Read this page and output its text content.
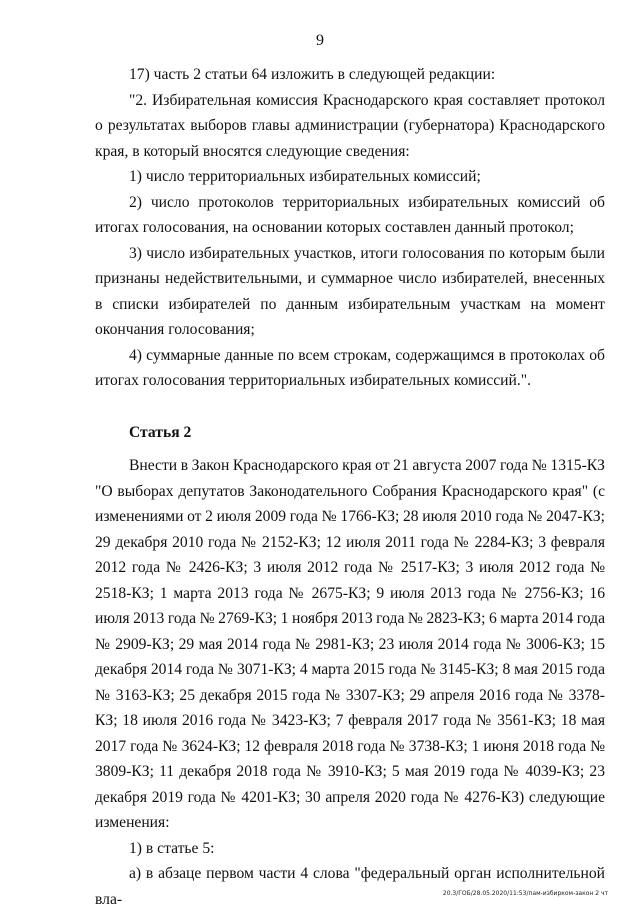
9

17) часть 2 статьи 64 изложить в следующей редакции:

"2. Избирательная комиссия Краснодарского края составляет протокол о результатах выборов главы администрации (губернатора) Краснодарского края, в который вносятся следующие сведения:

1) число территориальных избирательных комиссий;

2) число протоколов территориальных избирательных комиссий об итогах голосования, на основании которых составлен данный протокол;

3) число избирательных участков, итоги голосования по которым были признаны недействительными, и суммарное число избирателей, внесенных в списки избирателей по данным избирательным участкам на момент окончания голосования;

4) суммарные данные по всем строкам, содержащимся в протоколах об итогах голосования территориальных избирательных комиссий.".

Статья 2

Внести в Закон Краснодарского края от 21 августа 2007 года № 1315-КЗ "О выборах депутатов Законодательного Собрания Краснодарского края" (с изменениями от 2 июля 2009 года № 1766-КЗ; 28 июля 2010 года № 2047-КЗ; 29 декабря 2010 года № 2152-КЗ; 12 июля 2011 года № 2284-КЗ; 3 февраля 2012 года № 2426-КЗ; 3 июля 2012 года № 2517-КЗ; 3 июля 2012 года № 2518-КЗ; 1 марта 2013 года № 2675-КЗ; 9 июля 2013 года № 2756-КЗ; 16 июля 2013 года № 2769-КЗ; 1 ноября 2013 года № 2823-КЗ; 6 марта 2014 года № 2909-КЗ; 29 мая 2014 года № 2981-КЗ; 23 июля 2014 года № 3006-КЗ; 15 декабря 2014 года № 3071-КЗ; 4 марта 2015 года № 3145-КЗ; 8 мая 2015 года № 3163-КЗ; 25 декабря 2015 года № 3307-КЗ; 29 апреля 2016 года № 3378-КЗ; 18 июля 2016 года № 3423-КЗ; 7 февраля 2017 года № 3561-КЗ; 18 мая 2017 года № 3624-КЗ; 12 февраля 2018 года № 3738-КЗ; 1 июня 2018 года № 3809-КЗ; 11 декабря 2018 года № 3910-КЗ; 5 мая 2019 года № 4039-КЗ; 23 декабря 2019 года № 4201-КЗ; 30 апреля 2020 года № 4276-КЗ) следующие изменения:

1) в статье 5:

а) в абзаце первом части 4 слова "федеральный орган исполнительной вла-	20.3/ГОБ/28.05.2020/11:53/пам-избирком-закон 2 чт
